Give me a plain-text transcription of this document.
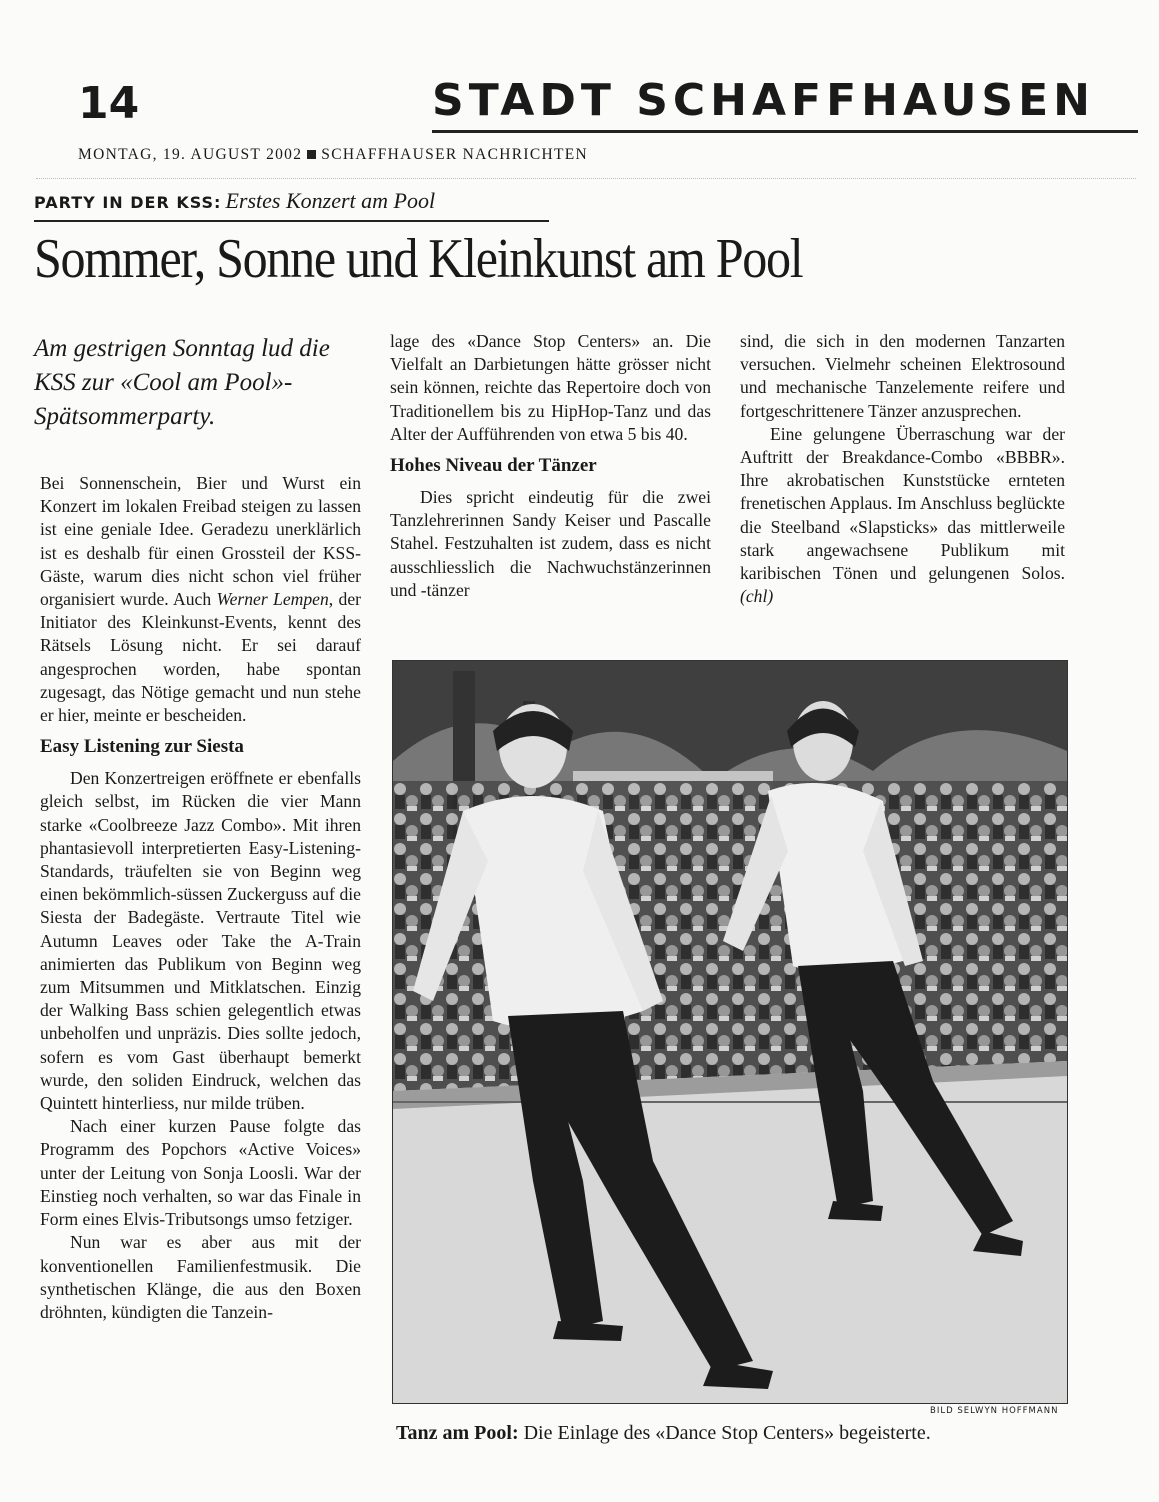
14	STADT SCHAFFHAUSEN
MONTAG, 19. AUGUST 2002 SCHAFFHAUSER NACHRICHTEN
PARTY IN DER KSS: Erstes Konzert am Pool
Sommer, Sonne und Kleinkunst am Pool
Am gestrigen Sonntag lud die KSS zur «Cool am Pool»-Spätsommerparty.

Bei Sonnenschein, Bier und Wurst ein Konzert im lokalen Freibad steigen zu lassen ist eine geniale Idee. Geradezu unerklärlich ist es deshalb für einen Grossteil der KSS-Gäste, warum dies nicht schon viel früher organisiert wurde. Auch Werner Lempen, der Initiator des Kleinkunst-Events, kennt des Rätsels Lösung nicht. Er sei darauf angesprochen worden, habe spontan zugesagt, das Nötige gemacht und nun stehe er hier, meinte er bescheiden.

Easy Listening zur Siesta

Den Konzertreigen eröffnete er ebenfalls gleich selbst, im Rücken die vier Mann starke «Coolbreeze Jazz Combo». Mit ihren phantasievoll interpretierten Easy-Listening-Standards, träufelten sie von Beginn weg einen bekömmlich-süssen Zuckerguss auf die Siesta der Badegäste. Vertraute Titel wie Autumn Leaves oder Take the A-Train animierten das Publikum von Beginn weg zum Mitsummen und Mitklatschen. Einzig der Walking Bass schien gelegentlich etwas unbeholfen und unpräzis. Dies sollte jedoch, sofern es vom Gast überhaupt bemerkt wurde, den soliden Eindruck, welchen das Quintett hinterliess, nur milde trüben.

Nach einer kurzen Pause folgte das Programm des Popchors «Active Voices» unter der Leitung von Sonja Loosli. War der Einstieg noch verhalten, so war das Finale in Form eines Elvis-Tributsongs umso fetziger.

Nun war es aber aus mit der konventionellen Familienfestmusik. Die synthetischen Klänge, die aus den Boxen dröhnten, kündigten die Tanzein-

lage des «Dance Stop Centers» an. Die Vielfalt an Darbietungen hätte grösser nicht sein können, reichte das Repertoire doch von Traditionellem bis zu HipHop-Tanz und das Alter der Aufführenden von etwa 5 bis 40.

Hohes Niveau der Tänzer

Dies spricht eindeutig für die zwei Tanzlehrerinnen Sandy Keiser und Pascalle Stahel. Festzuhalten ist zudem, dass es nicht ausschliesslich die Nachwuchstänzerinnen und -tänzer

sind, die sich in den modernen Tanzarten versuchen. Vielmehr scheinen Elektrosound und mechanische Tanzelemente reifere und fortgeschrittenere Tänzer anzusprechen.

Eine gelungene Überraschung war der Auftritt der Breakdance-Combo «BBBR». Ihre akrobatischen Kunststücke ernteten frenetischen Applaus. Im Anschluss beglückte die Steelband «Slapsticks» das mittlerweile stark angewachsene Publikum mit karibischen Tönen und gelungenen Solos. (chl)

BILD SELWYN HOFFMANN
Tanz am Pool: Die Einlage des «Dance Stop Centers» begeisterte.
